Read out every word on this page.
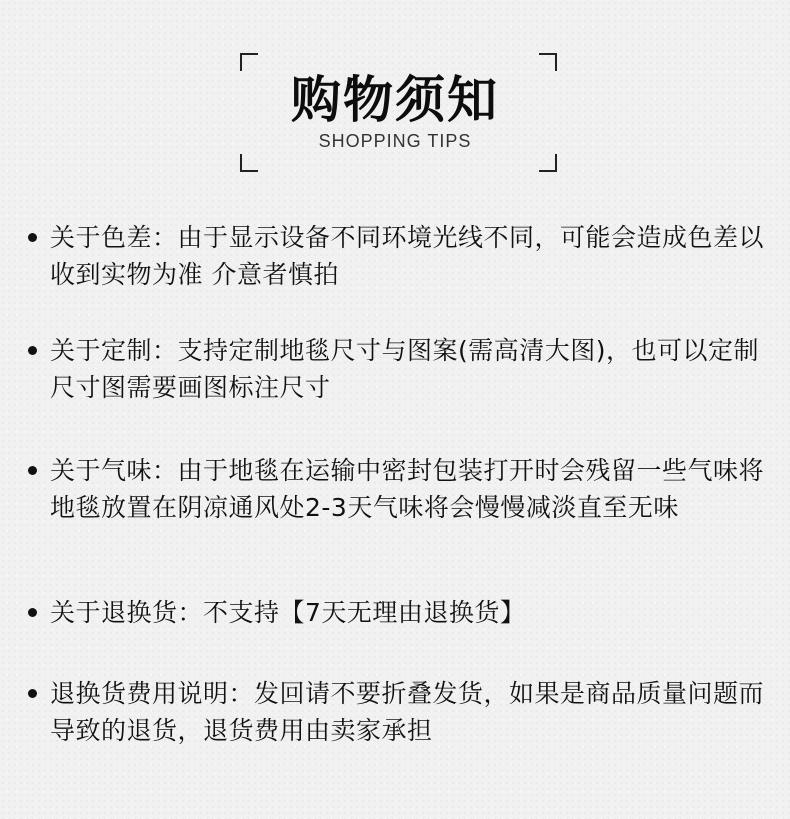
购物须知
SHOPPING TIPS
关于色差：由于显示设备不同环境光线不同，可能会造成色差以收到实物为准 介意者慎拍
关于定制：支持定制地毯尺寸与图案(需高清大图)，也可以定制尺寸图需要画图标注尺寸
关于气味：由于地毯在运输中密封包装打开时会残留一些气味将地毯放置在阴凉通风处2-3天气味将会慢慢减淡直至无味
关于退换货：不支持【7天无理由退换货】
退换货费用说明：发回请不要折叠发货，如果是商品质量问题而导致的退货，退货费用由卖家承担
